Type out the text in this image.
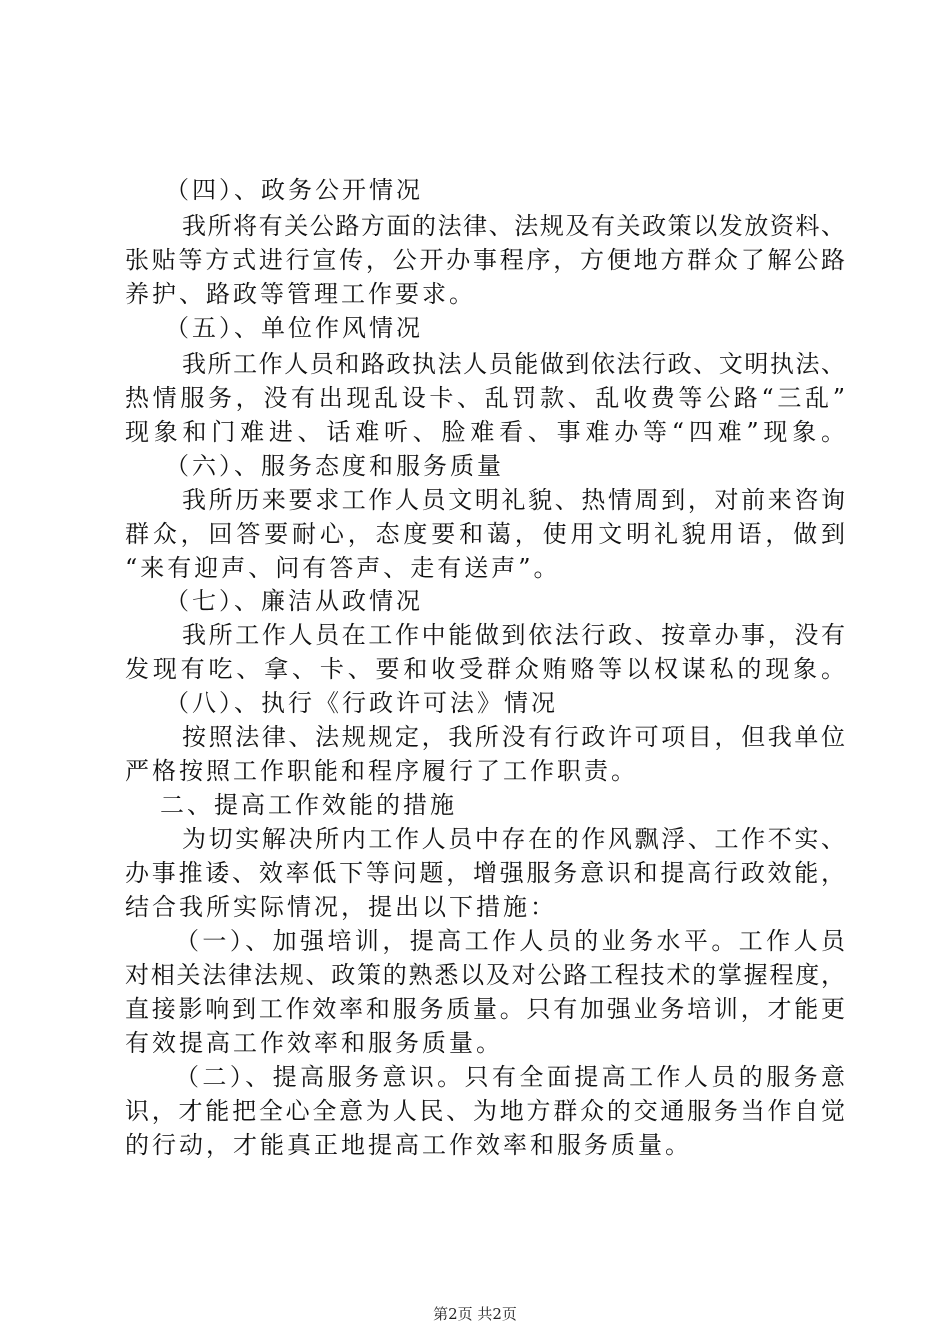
（四）、政务公开情况

我所将有关公路方面的法律、法规及有关政策以发放资料、

张贴等方式进行宣传，公开办事程序，方便地方群众了解公路

养护、路政等管理工作要求。

（五）、单位作风情况

我所工作人员和路政执法人员能做到依法行政、文明执法、

热情服务，没有出现乱设卡、乱罚款、乱收费等公路“三乱”

现象和门难进、话难听、脸难看、事难办等“四难”现象。

（六）、服务态度和服务质量

我所历来要求工作人员文明礼貌、热情周到，对前来咨询

群众，回答要耐心，态度要和蔼，使用文明礼貌用语，做到

“来有迎声、问有答声、走有送声”。

（七）、廉洁从政情况

我所工作人员在工作中能做到依法行政、按章办事，没有

发现有吃、拿、卡、要和收受群众贿赂等以权谋私的现象。

（八）、执行《行政许可法》情况

按照法律、法规规定，我所没有行政许可项目，但我单位

严格按照工作职能和程序履行了工作职责。

二、提高工作效能的措施

为切实解决所内工作人员中存在的作风飘浮、工作不实、

办事推诿、效率低下等问题，增强服务意识和提高行政效能，

结合我所实际情况，提出以下措施：

（一）、加强培训，提高工作人员的业务水平。工作人员

对相关法律法规、政策的熟悉以及对公路工程技术的掌握程度，

直接影响到工作效率和服务质量。只有加强业务培训，才能更

有效提高工作效率和服务质量。

（二）、提高服务意识。只有全面提高工作人员的服务意

识，才能把全心全意为人民、为地方群众的交通服务当作自觉

的行动，才能真正地提高工作效率和服务质量。

第2页 共2页
